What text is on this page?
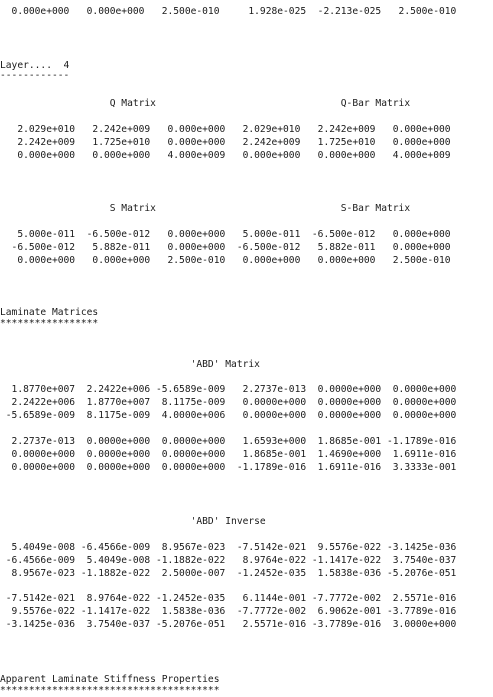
0.000e+000   0.000e+000   2.500e-010     1.928e-025  -2.213e-025   2.500e-010
Layer....  4
------------
Q Matrix                                Q-Bar Matrix
2.029e+010   2.242e+009   0.000e+000   2.029e+010   2.242e+009   0.000e+000
2.242e+009   1.725e+010   0.000e+000   2.242e+009   1.725e+010   0.000e+000
0.000e+000   0.000e+000   4.000e+009   0.000e+000   0.000e+000   4.000e+009
S Matrix                                S-Bar Matrix
5.000e-011  -6.500e-012   0.000e+000   5.000e-011  -6.500e-012   0.000e+000
-6.500e-012   5.882e-011   0.000e+000  -6.500e-012   5.882e-011   0.000e+000
0.000e+000   0.000e+000   2.500e-010   0.000e+000   0.000e+000   2.500e-010
Laminate Matrices
*****************
'ABD' Matrix
1.8770e+007  2.2422e+006 -5.6589e-009   2.2737e-013  0.0000e+000  0.0000e+000
2.2422e+006  1.8770e+007  8.1175e-009   0.0000e+000  0.0000e+000  0.0000e+000
-5.6589e-009  8.1175e-009  4.0000e+006   0.0000e+000  0.0000e+000  0.0000e+000
2.2737e-013  0.0000e+000  0.0000e+000   1.6593e+000  1.8685e-001 -1.1789e-016
0.0000e+000  0.0000e+000  0.0000e+000   1.8685e-001  1.4690e+000  1.6911e-016
0.0000e+000  0.0000e+000  0.0000e+000  -1.1789e-016  1.6911e-016  3.3333e-001
'ABD' Inverse
5.4049e-008 -6.4566e-009  8.9567e-023  -7.5142e-021  9.5576e-022 -3.1425e-036
-6.4566e-009  5.4049e-008 -1.1882e-022   8.9764e-022 -1.1417e-022  3.7540e-037
8.9567e-023 -1.1882e-022  2.5000e-007  -1.2452e-035  1.5838e-036 -5.2076e-051
-7.5142e-021  8.9764e-022 -1.2452e-035   6.1144e-001 -7.7772e-002  2.5571e-016
9.5576e-022 -1.1417e-022  1.5838e-036  -7.7772e-002  6.9062e-001 -3.7789e-016
-3.1425e-036  3.7540e-037 -5.2076e-051   2.5571e-016 -3.7789e-016  3.0000e+000
Apparent Laminate Stiffness Properties
**************************************
